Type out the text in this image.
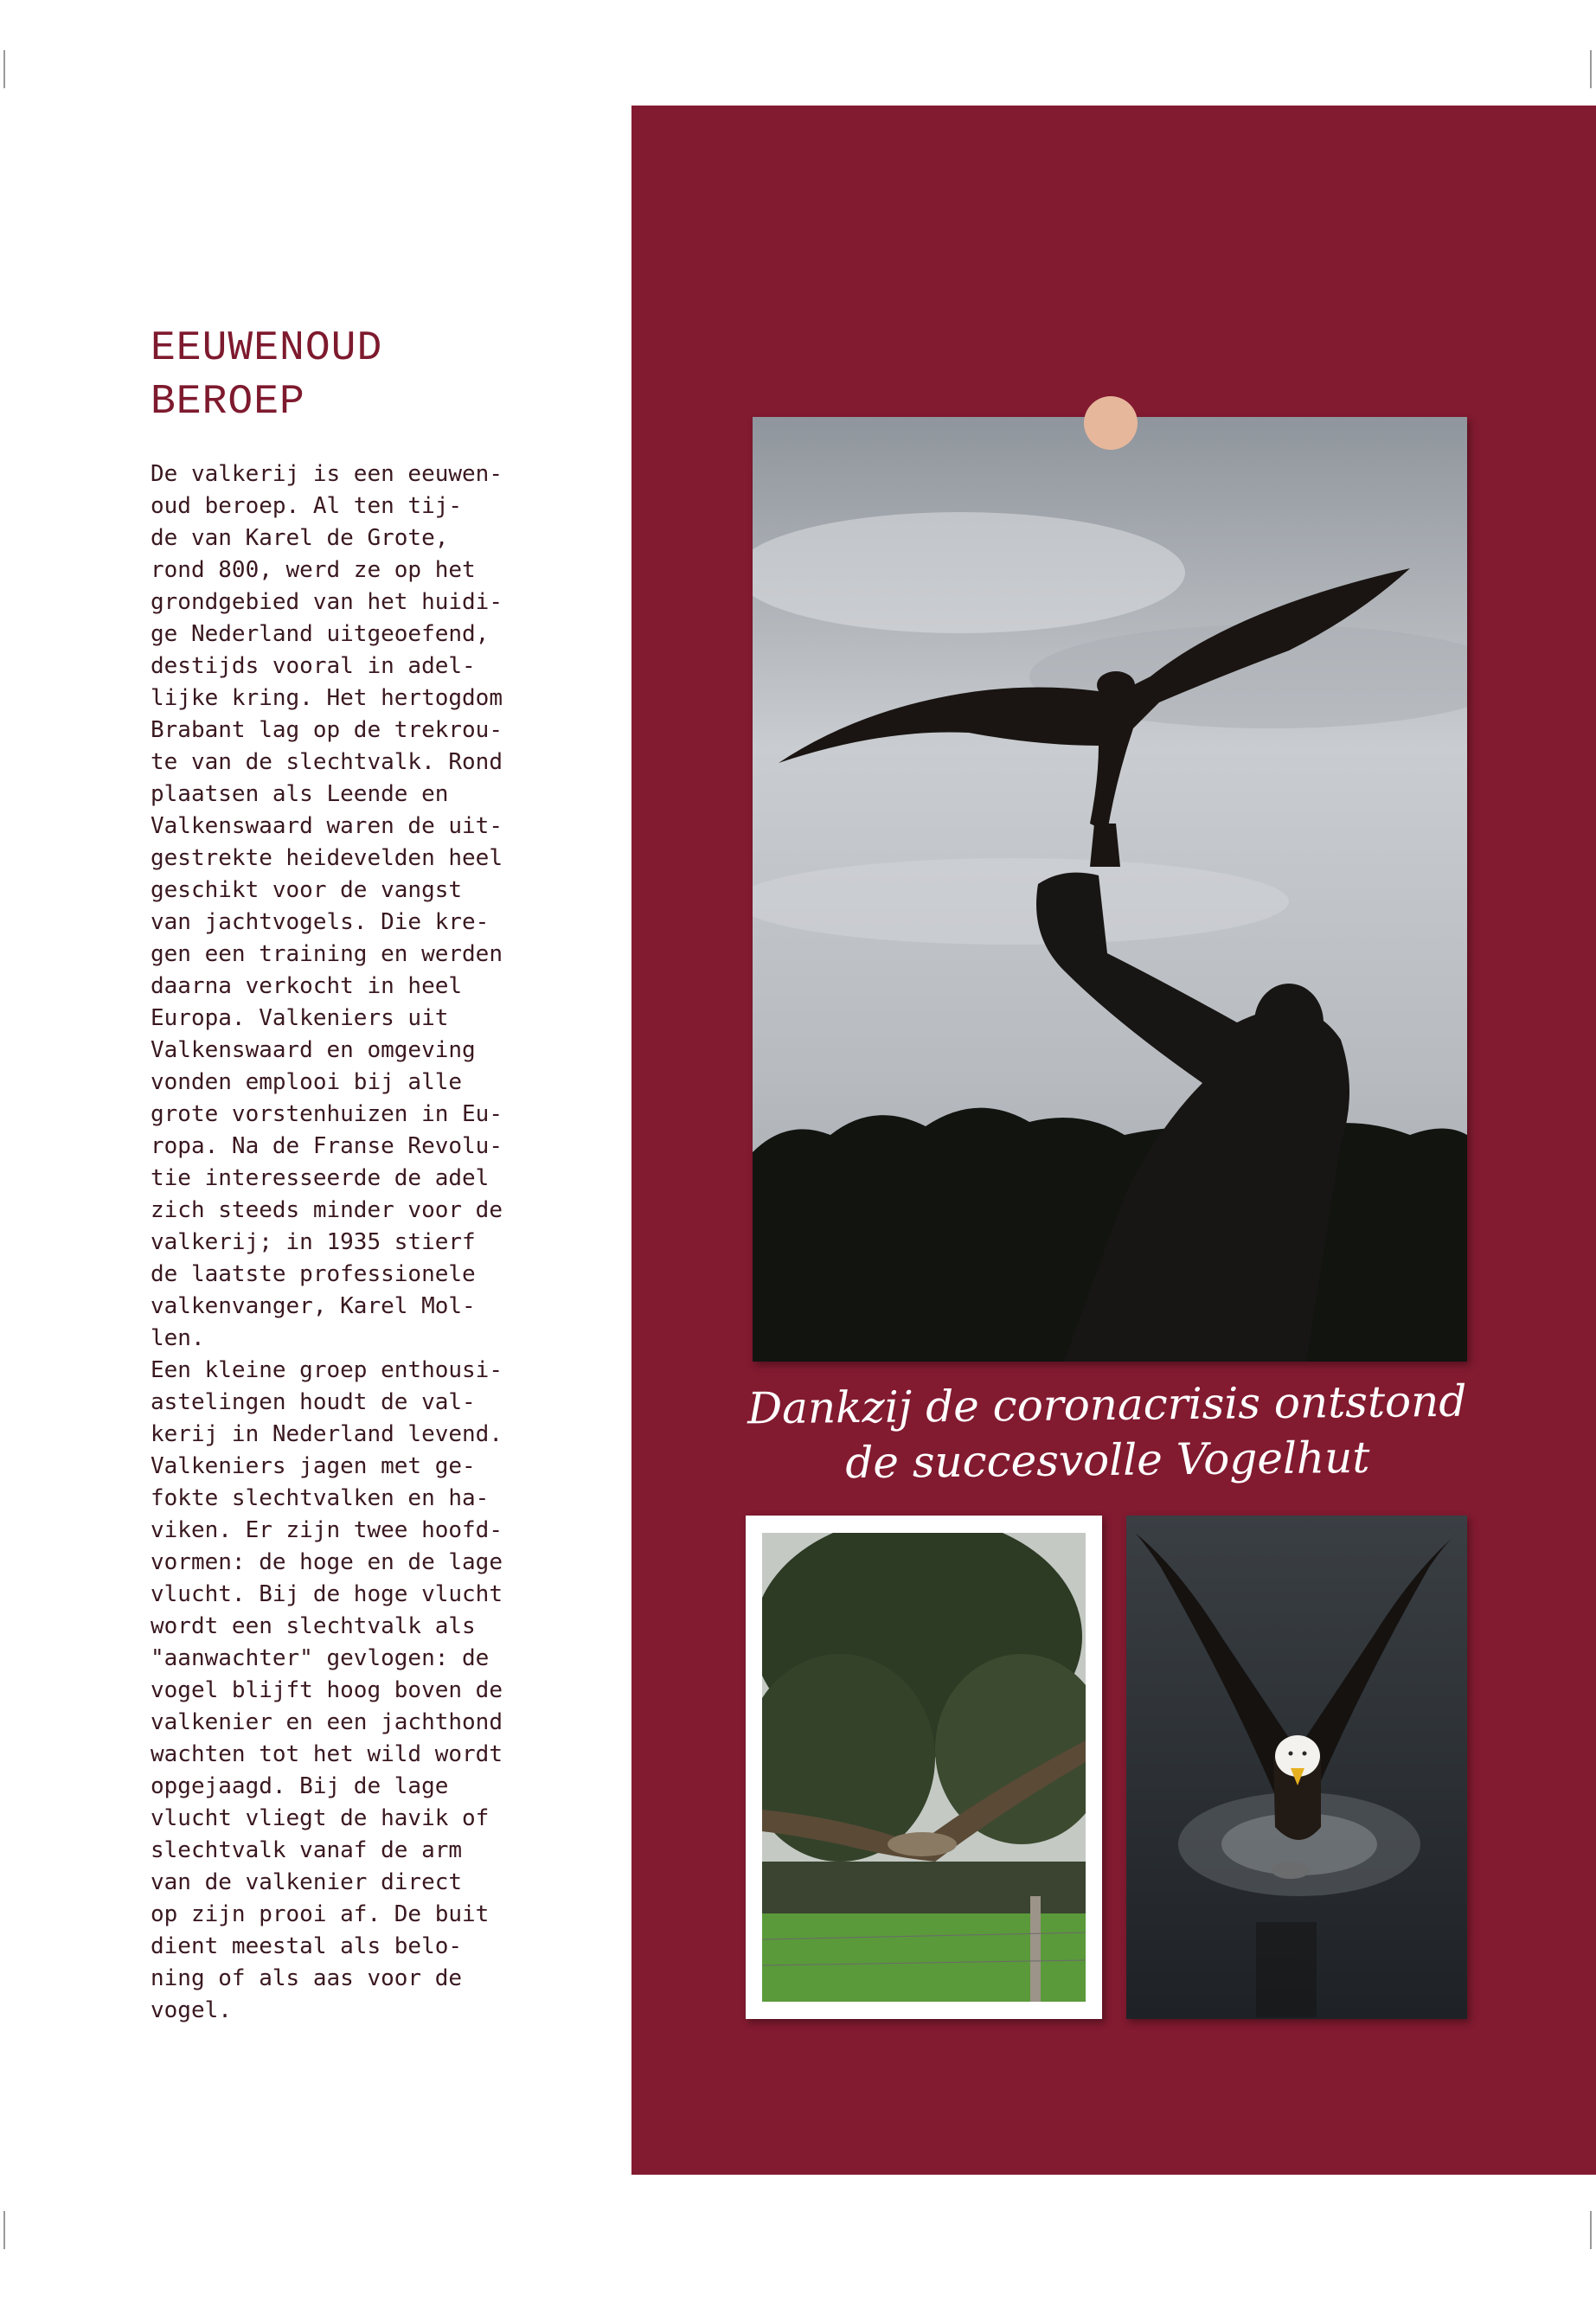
EEUWENOUD
BEROEP

De valkerij is een eeuwen-
oud beroep. Al ten tij-
de van Karel de Grote,
rond 800, werd ze op het
grondgebied van het huidi-
ge Nederland uitgeoefend,
destijds vooral in adel-
lijke kring. Het hertogdom
Brabant lag op de trekrou-
te van de slechtvalk. Rond
plaatsen als Leende en
Valkenswaard waren de uit-
gestrekte heidevelden heel
geschikt voor de vangst
van jachtvogels. Die kre-
gen een training en werden
daarna verkocht in heel
Europa. Valkeniers uit
Valkenswaard en omgeving
vonden emplooi bij alle
grote vorstenhuizen in Eu-
ropa. Na de Franse Revolu-
tie interesseerde de adel
zich steeds minder voor de
valkerij; in 1935 stierf
de laatste professionele
valkenvanger, Karel Mol-
len.
Een kleine groep enthousi-
astelingen houdt de val-
kerij in Nederland levend.
Valkeniers jagen met ge-
fokte slechtvalken en ha-
viken. Er zijn twee hoofd-
vormen: de hoge en de lage
vlucht. Bij de hoge vlucht
wordt een slechtvalk als
"aanwachter" gevlogen: de
vogel blijft hoog boven de
valkenier en een jachthond
wachten tot het wild wordt
opgejaagd. Bij de lage
vlucht vliegt de havik of
slechtvalk vanaf de arm
van de valkenier direct
op zijn prooi af. De buit
dient meestal als belo-
ning of als aas voor de
vogel.

Dankzij de coronacrisis ontstond
de succesvolle Vogelhut
